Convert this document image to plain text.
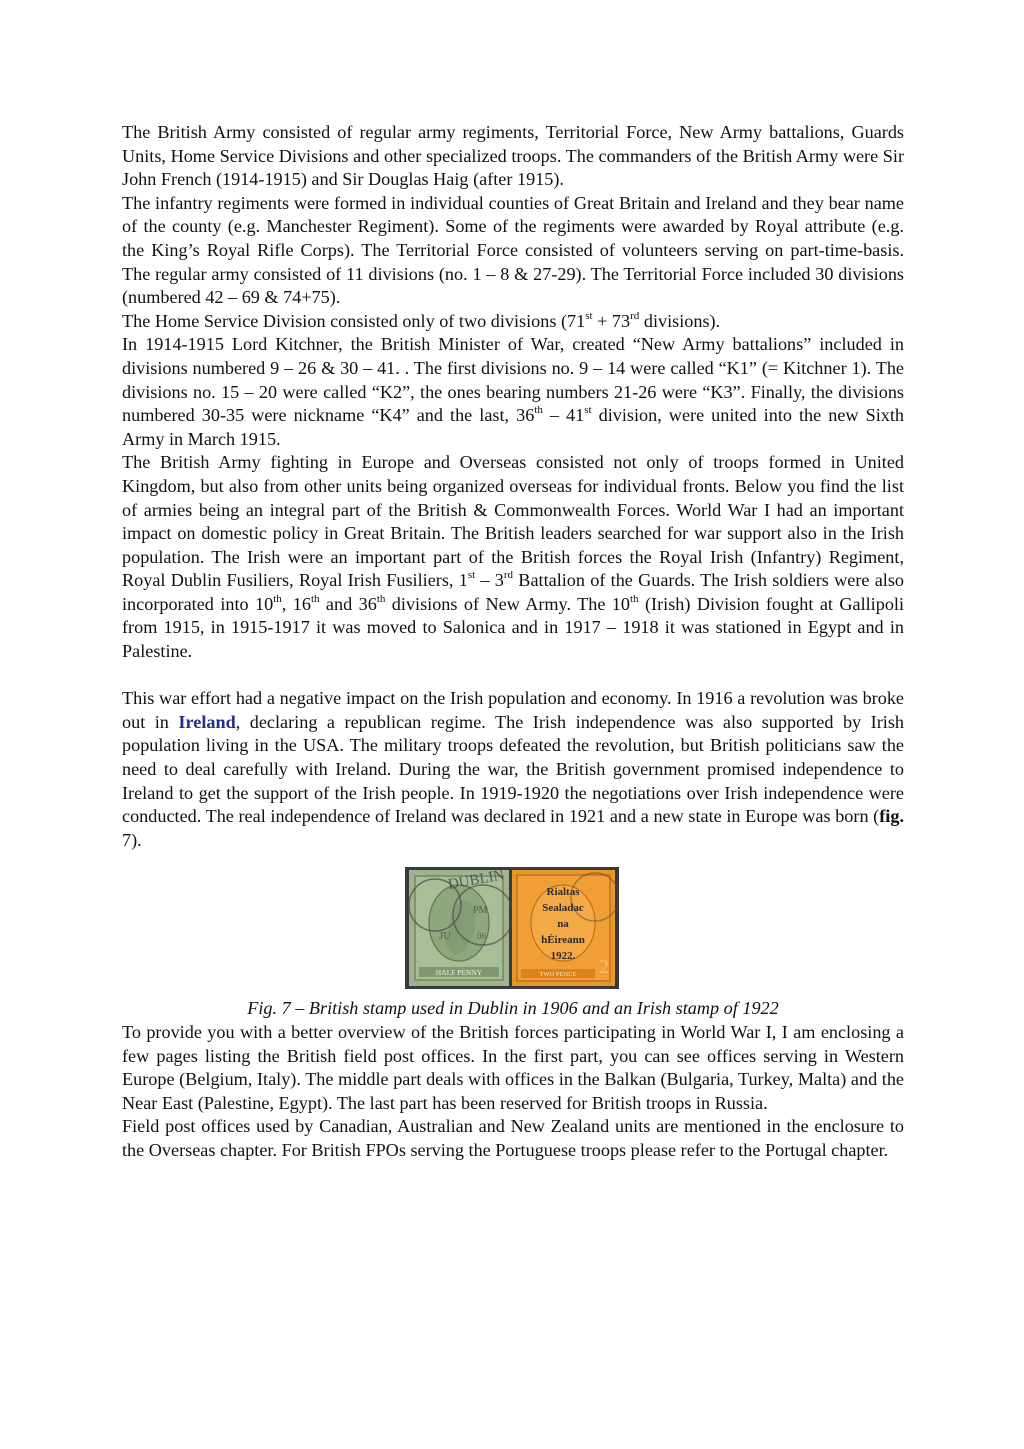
The British Army consisted of regular army regiments, Territorial Force, New Army battalions, Guards Units, Home Service Divisions and other specialized troops. The commanders of the British Army were Sir John French (1914-1915) and Sir Douglas Haig (after 1915).

The infantry regiments were formed in individual counties of Great Britain and Ireland and they bear name of the county (e.g. Manchester Regiment). Some of the regiments were awarded by Royal attribute (e.g. the King’s Royal Rifle Corps). The Territorial Force consisted of volunteers serving on part-time-basis. The regular army consisted of 11 divisions (no. 1 – 8 & 27-29). The Territorial Force included 30 divisions (numbered 42 – 69 & 74+75).

The Home Service Division consisted only of two divisions (71st + 73rd divisions).

In 1914-1915 Lord Kitchner, the British Minister of War, created “New Army battalions” included in divisions numbered 9 – 26 & 30 – 41. . The first divisions no. 9 – 14 were called “K1” (= Kitchner 1). The divisions no. 15 – 20 were called “K2”, the ones bearing numbers 21-26 were “K3”. Finally, the divisions numbered 30-35 were nickname “K4” and the last, 36th – 41st division, were united into the new Sixth Army in March 1915.

The British Army fighting in Europe and Overseas consisted not only of troops formed in United Kingdom, but also from other units being organized overseas for individual fronts. Below you find the list of armies being an integral part of the British & Commonwealth Forces. World War I had an important impact on domestic policy in Great Britain. The British leaders searched for war support also in the Irish population. The Irish were an important part of the British forces the Royal Irish (Infantry) Regiment, Royal Dublin Fusiliers, Royal Irish Fusiliers, 1st – 3rd Battalion of the Guards. The Irish soldiers were also incorporated into 10th, 16th and 36th divisions of New Army. The 10th (Irish) Division fought at Gallipoli from 1915, in 1915-1917 it was moved to Salonica and in 1917 – 1918 it was stationed in Egypt and in Palestine.

This war effort had a negative impact on the Irish population and economy. In 1916 a revolution was broke out in Ireland, declaring a republican regime. The Irish independence was also supported by Irish population living in the USA. The military troops defeated the revolution, but British politicians saw the need to deal carefully with Ireland. During the war, the British government promised independence to Ireland to get the support of the Irish people. In 1919-1920 the negotiations over Irish independence were conducted. The real independence of Ireland was declared in 1921 and a new state in Europe was born (fig. 7).

HALF PENNY
DUBLIN
PM
JU	06
2
TWO PENCE
Rialtas
Sealadac
na
hÉireann
1922.

Fig. 7 – British stamp used in Dublin in 1906 and an Irish stamp of 1922

To provide you with a better overview of the British forces participating in World War I, I am enclosing a few pages listing the British field post offices. In the first part, you can see offices serving in Western Europe (Belgium, Italy). The middle part deals with offices in the Balkan (Bulgaria, Turkey, Malta) and the Near East (Palestine, Egypt). The last part has been reserved for British troops in Russia.

Field post offices used by Canadian, Australian and New Zealand units are mentioned in the enclosure to the Overseas chapter. For British FPOs serving the Portuguese troops please refer to the Portugal chapter.
